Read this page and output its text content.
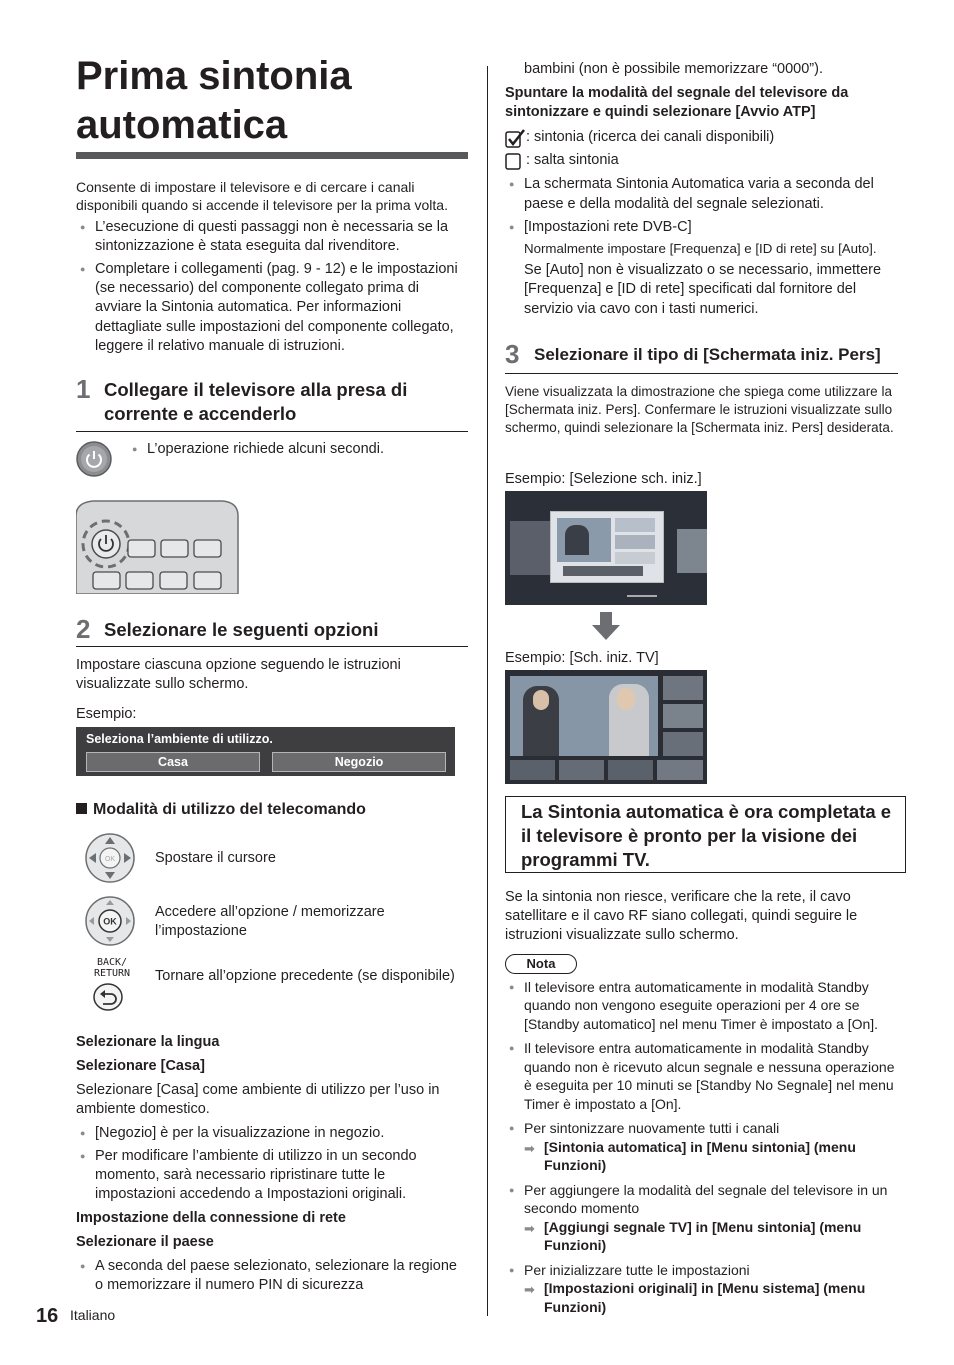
Prima sintonia automatica

Consente di impostare il televisore e di cercare i canali disponibili quando si accende il televisore per la prima volta.

● L’esecuzione di questi passaggi non è necessaria se la sintonizzazione è stata eseguita dal rivenditore.

● Completare i collegamenti (pag. 9 - 12) e le impostazioni (se necessario) del componente collegato prima di avviare la Sintonia automatica. Per informazioni dettagliate sulle impostazioni del componente collegato, leggere il relativo manuale di istruzioni.

1 Collegare il televisore alla presa di corrente e accenderlo

● L’operazione richiede alcuni secondi.

2 Selezionare le seguenti opzioni

Impostare ciascuna opzione seguendo le istruzioni visualizzate sullo schermo.

Esempio:

Seleziona l’ambiente di utilizzo.
Casa	Negozio
Modalità di utilizzo del telecomando
OK	Spostare il cursore

OK

Accedere all’opzione / memorizzare l’impostazione

BACK/
RETURN Tornare all’opzione precedente (se disponibile)

Selezionare la lingua

Selezionare [Casa]

Selezionare [Casa] come ambiente di utilizzo per l’uso in ambiente domestico.

● [Negozio] è per la visualizzazione in negozio.

● Per modificare l’ambiente di utilizzo in un secondo momento, sarà necessario ripristinare tutte le impostazioni accedendo a Impostazioni originali.

Impostazione della connessione di rete

Selezionare il paese

● A seconda del paese selezionato, selezionare la regione o memorizzare il numero PIN di sicurezza

16 Italiano

bambini (non è possibile memorizzare “0000”).

Spuntare la modalità del segnale del televisore da sintonizzare e quindi selezionare [Avvio ATP]

: sintonia (ricerca dei canali disponibili)
: salta sintonia

● La schermata Sintonia Automatica varia a seconda del paese e della modalità del segnale selezionati.

● [Impostazioni rete DVB-C]

Normalmente impostare [Frequenza] e [ID di rete] su [Auto].

Se [Auto] non è visualizzato o se necessario, immettere [Frequenza] e [ID di rete] specificati dal fornitore del servizio via cavo con i tasti numerici.

3 Selezionare il tipo di [Schermata iniz. Pers]

Viene visualizzata la dimostrazione che spiega come utilizzare la [Schermata iniz. Pers]. Confermare le istruzioni visualizzate sullo schermo, quindi selezionare la [Schermata iniz. Pers] desiderata.

Esempio: [Selezione sch. iniz.]

Esempio: [Sch. iniz. TV]

La Sintonia automatica è ora completata e il televisore è pronto per la visione dei programmi TV.

Se la sintonia non riesce, verificare che la rete, il cavo satellitare e il cavo RF siano collegati, quindi seguire le istruzioni visualizzate sullo schermo.

Nota

● Il televisore entra automaticamente in modalità Standby quando non vengono eseguite operazioni per 4 ore se [Standby automatico] nel menu Timer è impostato a [On].

● Il televisore entra automaticamente in modalità Standby quando non è ricevuto alcun segnale e nessuna operazione è eseguita per 10 minuti se [Standby No Segnale] nel menu Timer è impostato a [On].

● Per sintonizzare nuovamente tutti i canali

➡ [Sintonia automatica] in [Menu sintonia] (menu Funzioni)

● Per aggiungere la modalità del segnale del televisore in un secondo momento

➡ [Aggiungi segnale TV] in [Menu sintonia] (menu Funzioni)

● Per inizializzare tutte le impostazioni

➡ [Impostazioni originali] in [Menu sistema] (menu Funzioni)
